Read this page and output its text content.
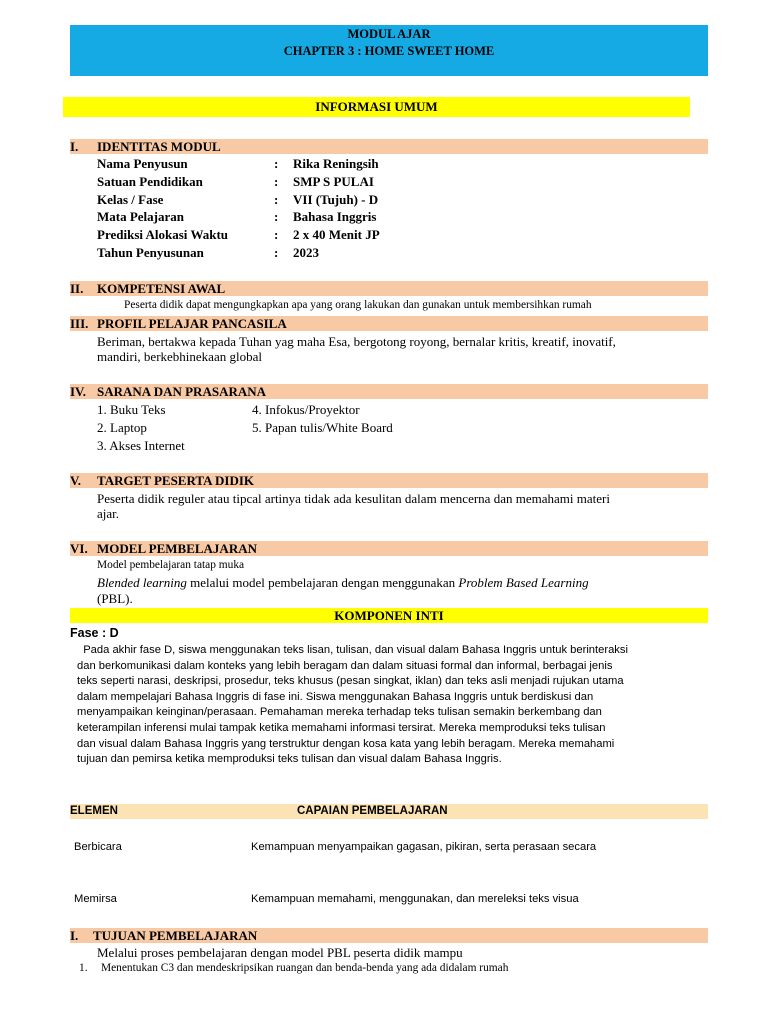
MODUL AJAR
CHAPTER 3 : HOME SWEET HOME
INFORMASI UMUM
I. IDENTITAS MODUL
Nama Penyusun	: Rika Reningsih
Satuan Pendidikan	: SMP S PULAI
Kelas / Fase	: VII (Tujuh) - D
Mata Pelajaran	: Bahasa Inggris
Prediksi Alokasi Waktu	: 2 x 40 Menit JP
Tahun Penyusunan	: 2023
II. KOMPETENSI AWAL
Peserta didik dapat mengungkapkan apa yang orang lakukan dan gunakan untuk membersihkan rumah
III. PROFIL PELAJAR PANCASILA
Beriman, bertakwa kepada Tuhan yag maha Esa, bergotong royong, bernalar kritis, kreatif, inovatif,
mandiri, berkebhinekaan global
IV. SARANA DAN PRASARANA
1. Buku Teks
2. Laptop
3. Akses Internet
4. Infokus/Proyektor
5. Papan tulis/White Board
V. TARGET PESERTA DIDIK
Peserta didik reguler atau tipcal artinya tidak ada kesulitan dalam mencerna dan memahami materi
ajar.
VI. MODEL PEMBELAJARAN
Model pembelajaran tatap muka
Blended learning melalui model pembelajaran dengan menggunakan Problem Based Learning
(PBL).
KOMPONEN INTI
Fase : D
Pada akhir fase D, siswa menggunakan teks lisan, tulisan, dan visual dalam Bahasa Inggris untuk berinteraksi
dan berkomunikasi dalam konteks yang lebih beragam dan dalam situasi formal dan informal, berbagai jenis
teks seperti narasi, deskripsi, prosedur, teks khusus (pesan singkat, iklan) dan teks asli menjadi rujukan utama
dalam mempelajari Bahasa Inggris di fase ini. Siswa menggunakan Bahasa Inggris untuk berdiskusi dan
menyampaikan keinginan/perasaan. Pemahaman mereka terhadap teks tulisan semakin berkembang dan
keterampilan inferensi mulai tampak ketika memahami informasi tersirat. Mereka memproduksi teks tulisan
dan visual dalam Bahasa Inggris yang terstruktur dengan kosa kata yang lebih beragam. Mereka memahami
tujuan dan pemirsa ketika memproduksi teks tulisan dan visual dalam Bahasa Inggris.
ELEMEN	CAPAIAN PEMBELAJARAN
Berbicara	Kemampuan menyampaikan gagasan, pikiran, serta perasaan secara
Memirsa	Kemampuan memahami, menggunakan, dan mereleksi teks visua
I. TUJUAN PEMBELAJARAN
Melalui proses pembelajaran dengan model PBL peserta didik mampu
1. Menentukan C3 dan mendeskripsikan ruangan dan benda-benda yang ada didalam rumah
